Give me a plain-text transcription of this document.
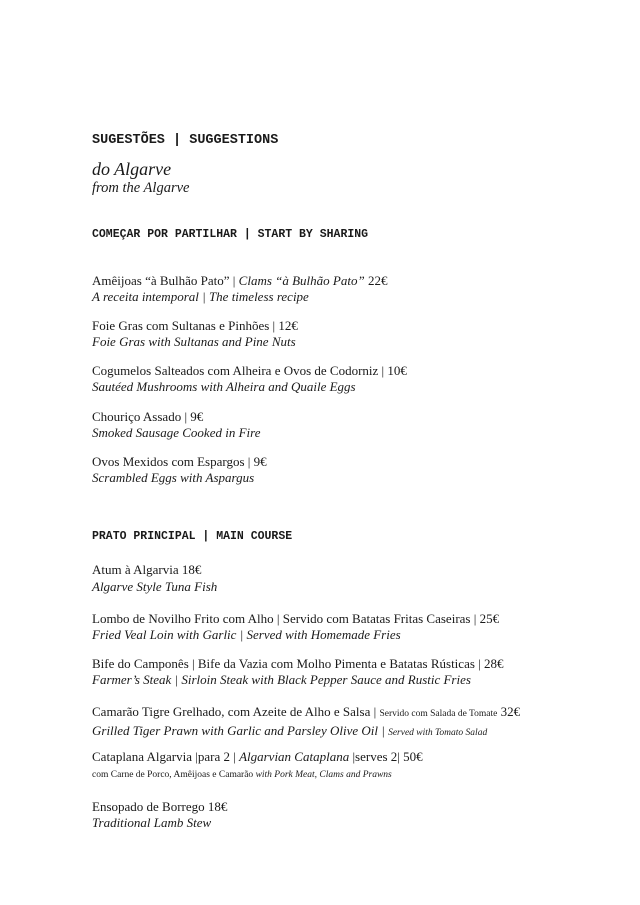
SUGESTÕES | SUGGESTIONS
do Algarve
from the Algarve
COMEÇAR POR PARTILHAR | START BY SHARING
Amêijoas “à Bulhão Pato” | Clams “à Bulhão Pato” 22€
A receita intemporal | The timeless recipe
Foie Gras com Sultanas e Pinhões | 12€
Foie Gras with Sultanas and Pine Nuts
Cogumelos Salteados com Alheira e Ovos de Codorniz | 10€
Sautéed Mushrooms with Alheira and Quaile Eggs
Chouriço Assado | 9€
Smoked Sausage Cooked in Fire
Ovos Mexidos com Espargos | 9€
Scrambled Eggs with Aspargus
PRATO PRINCIPAL | MAIN COURSE
Atum à Algarvia 18€
Algarve Style Tuna Fish
Lombo de Novilho Frito com Alho | Servido com Batatas Fritas Caseiras | 25€
Fried Veal Loin with Garlic | Served with Homemade Fries
Bife do Camponês | Bife da Vazia com Molho Pimenta e Batatas Rústicas | 28€
Farmer’s Steak | Sirloin Steak with Black Pepper Sauce and Rustic Fries
Camarão Tigre Grelhado, com Azeite de Alho e Salsa | Servido com Salada de Tomate 32€
Grilled Tiger Prawn with Garlic and Parsley Olive Oil | Served with Tomato Salad
Cataplana Algarvia |para 2 | Algarvian Cataplana |serves 2| 50€
com Carne de Porco, Amêijoas e Camarão with Pork Meat, Clams and Prawns
Ensopado de Borrego 18€
Traditional Lamb Stew
